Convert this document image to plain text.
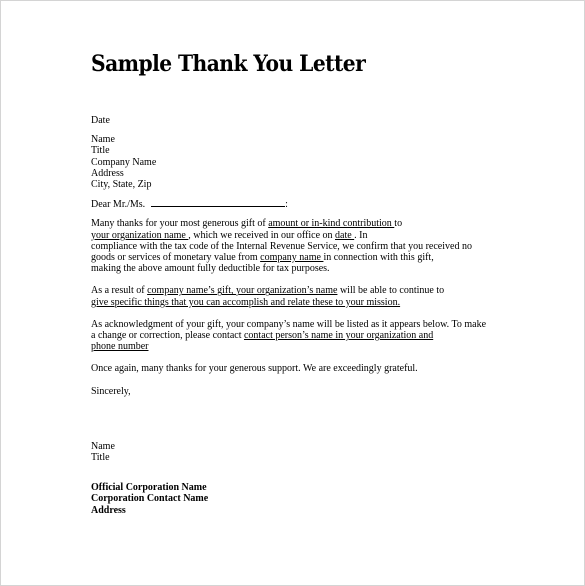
Sample Thank You Letter
Date
Name
Title
Company Name
Address
City, State, Zip
Dear Mr./Ms.	:
Many thanks for your most generous gift of amount or in-kind contribution to
your organization name , which we received in our office on date . In
compliance with the tax code of the Internal Revenue Service, we confirm that you received no
goods or services of monetary value from company name in connection with this gift,
making the above amount fully deductible for tax purposes.
As a result of company name’s gift, your organization’s name will be able to continue to
give specific things that you can accomplish and relate these to your mission.
As acknowledgment of your gift, your company’s name will be listed as it appears below. To make
a change or correction, please contact contact person’s name in your organization and
phone number
Once again, many thanks for your generous support. We are exceedingly grateful.
Sincerely,
Name
Title
Official Corporation Name
Corporation Contact Name
Address
